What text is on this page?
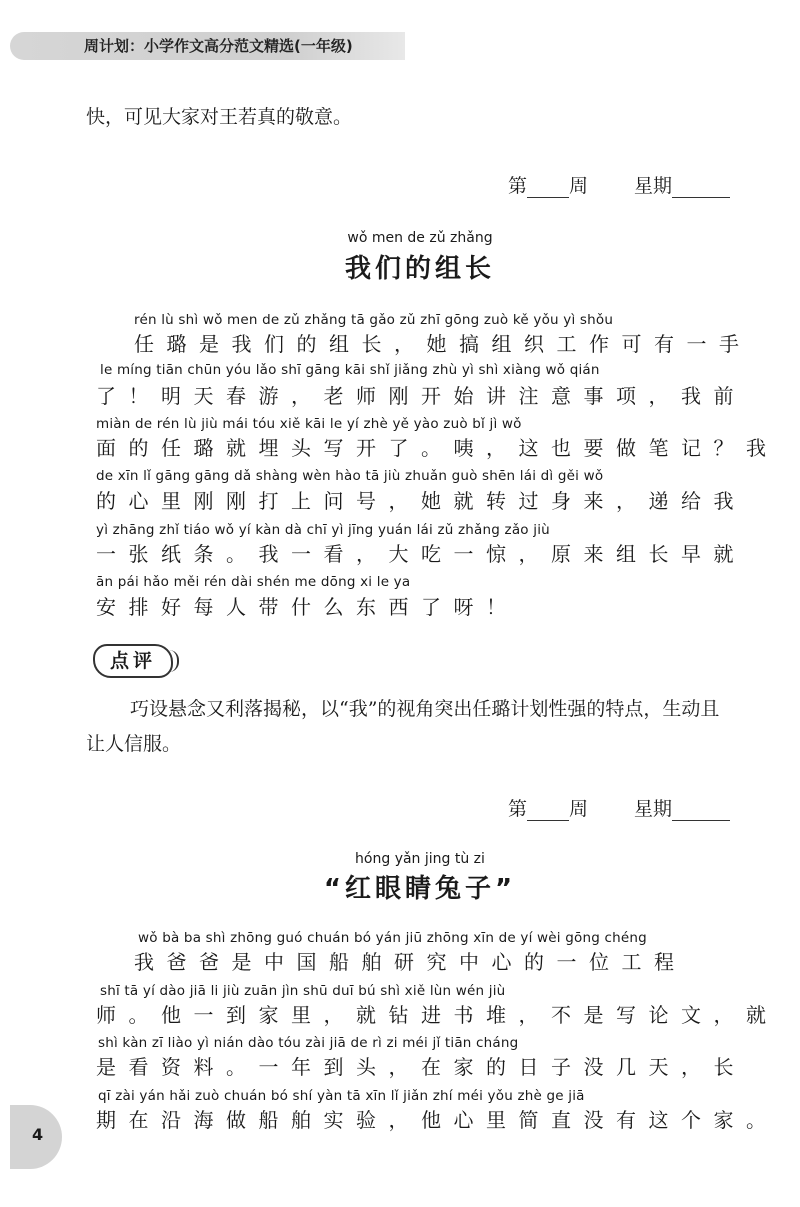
周计划：小学作文高分范文精选(一年级)
快，可见大家对王若真的敬意。
第 周 星期
wǒ men de zǔ zhǎng
我们的组长
rén lù shì wǒ men de zǔ zhǎng tā gǎo zǔ zhī gōng zuò kě yǒu yì shǒu
任璐是我们的组长，她搞组织工作可有一手
le míng tiān chūn yóu lǎo shī gāng kāi shǐ jiǎng zhù yì shì xiàng wǒ qián
了！明天春游，老师刚开始讲注意事项，我前
miàn de rén lù jiù mái tóu xiě kāi le yí zhè yě yào zuò bǐ jì wǒ
面的任璐就埋头写开了。咦，这也要做笔记？我
de xīn lǐ gāng gāng dǎ shàng wèn hào tā jiù zhuǎn guò shēn lái dì gěi wǒ
的心里刚刚打上问号，她就转过身来，递给我
yì zhāng zhǐ tiáo wǒ yí kàn dà chī yì jīng yuán lái zǔ zhǎng zǎo jiù
一张纸条。我一看，大吃一惊，原来组长早就
ān pái hǎo měi rén dài shén me dōng xi le ya
安排好每人带什么东西了呀！
点评
巧设悬念又利落揭秘，以“我”的视角突出任璐计划性强的特点，生动且
让人信服。
第 周 星期
hóng yǎn jing tù zi
“红眼睛兔子”
wǒ bà ba shì zhōng guó chuán bó yán jiū zhōng xīn de yí wèi gōng chéng
我爸爸是中国船舶研究中心的一位工程
shī tā yí dào jiā li jiù zuān jìn shū duī bú shì xiě lùn wén jiù
师。他一到家里，就钻进书堆，不是写论文，就
shì kàn zī liào yì nián dào tóu zài jiā de rì zi méi jǐ tiān cháng
是看资料。一年到头，在家的日子没几天，长
qī zài yán hǎi zuò chuán bó shí yàn tā xīn lǐ jiǎn zhí méi yǒu zhè ge jiā
期在沿海做船舶实验，他心里简直没有这个家。
4
